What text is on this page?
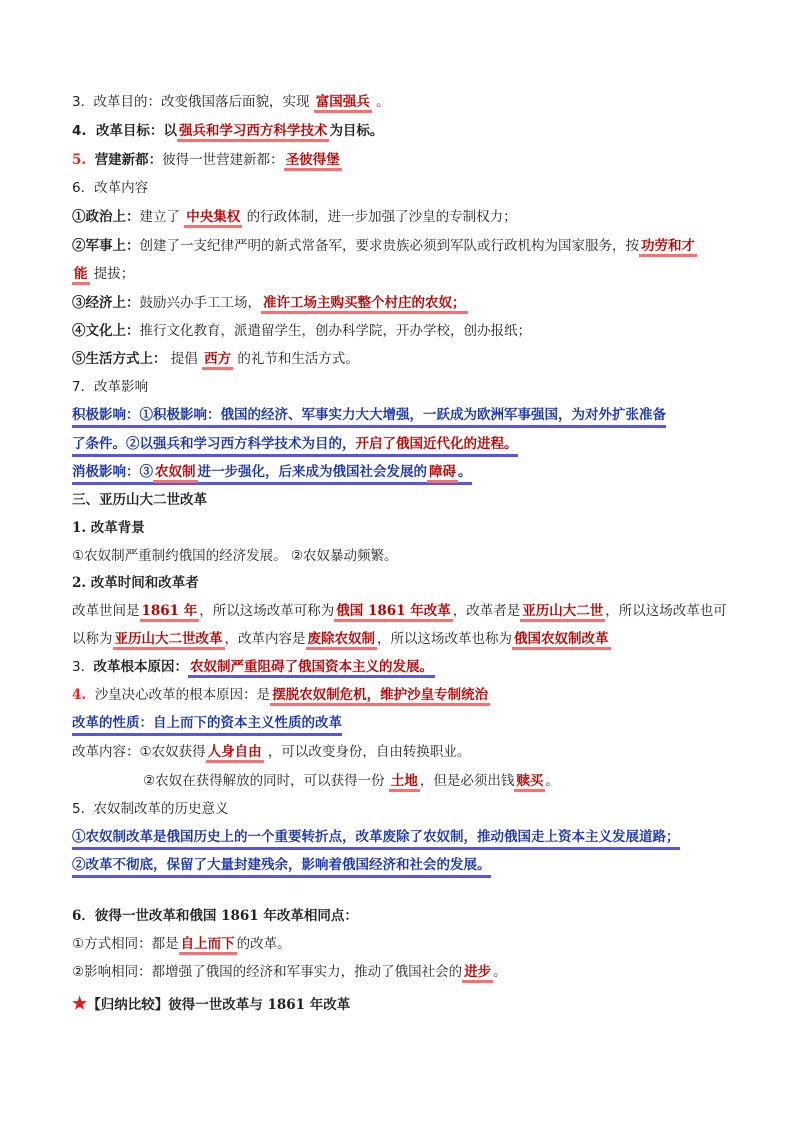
3. 改革目的：改变俄国落后面貌，实现 富国强兵 。
4. 改革目标：以 强兵和学习西方科学技术 为目标。
5. 营建新都：彼得一世营建新都： 圣彼得堡
6．改革内容
①政治上：建立了 中央集权 的行政体制，进一步加强了沙皇的专制权力；
②军事上：创建了一支纪律严明的新式常备军，要求贵族必须到军队或行政机构为国家服务，按 功劳和才
能 提拔；
③经济上：鼓励兴办手工工场， 准许工场主购买整个村庄的农奴；
④文化上：推行文化教育，派遣留学生，创办科学院，开办学校，创办报纸；
⑤生活方式上： 提倡 西方 的礼节和生活方式。
7．改革影响
积极影响：①积极影响：俄国的经济、军事实力大大增强，一跃成为欧洲军事强国，为对外扩张准备
了条件。②以强兵和学习西方科学技术为目的，开启了俄国近代化的进程。
消极影响：③ 农奴制 进一步强化，后来成为俄国社会发展的 障碍 。
三、亚历山大二世改革
1. 改革背景
①农奴制严重制约俄国的经济发展。 ②农奴暴动频繁。
2. 改革时间和改革者
改革世间是 1861 年 ，所以这场改革可称为 俄国 1861 年改革 ，改革者是 亚历山大二世 ，所以这场改革也可
以称为 亚历山大二世改革 ，改革内容是 废除农奴制 ，所以这场改革也称为 俄国农奴制改革
3. 改革根本原因： 农奴制严重阻碍了俄国资本主义的发展。
4. 沙皇决心改革的根本原因：是 摆脱农奴制危机，维护沙皇专制统治
改革的性质：自上而下的资本主义性质的改革
改革内容：①农奴获得 人身自由 ，可以改变身份，自由转换职业。
②农奴在获得解放的同时，可以获得一份 土地 ，但是必须出钱 赎买 。
5. 农奴制改革的历史意义
①农奴制改革是俄国历史上的一个重要转折点，改革废除了农奴制，推动俄国走上资本主义发展道路；
②改革不彻底，保留了大量封建残余，影响着俄国经济和社会的发展。
6．彼得一世改革和俄国 1861 年改革相同点：
①方式相同：都是 自上而下 的改革。
②影响相同：都增强了俄国的经济和军事实力，推动了俄国社会的 进步 。
★【归纳比较】彼得一世改革与 1861 年改革
